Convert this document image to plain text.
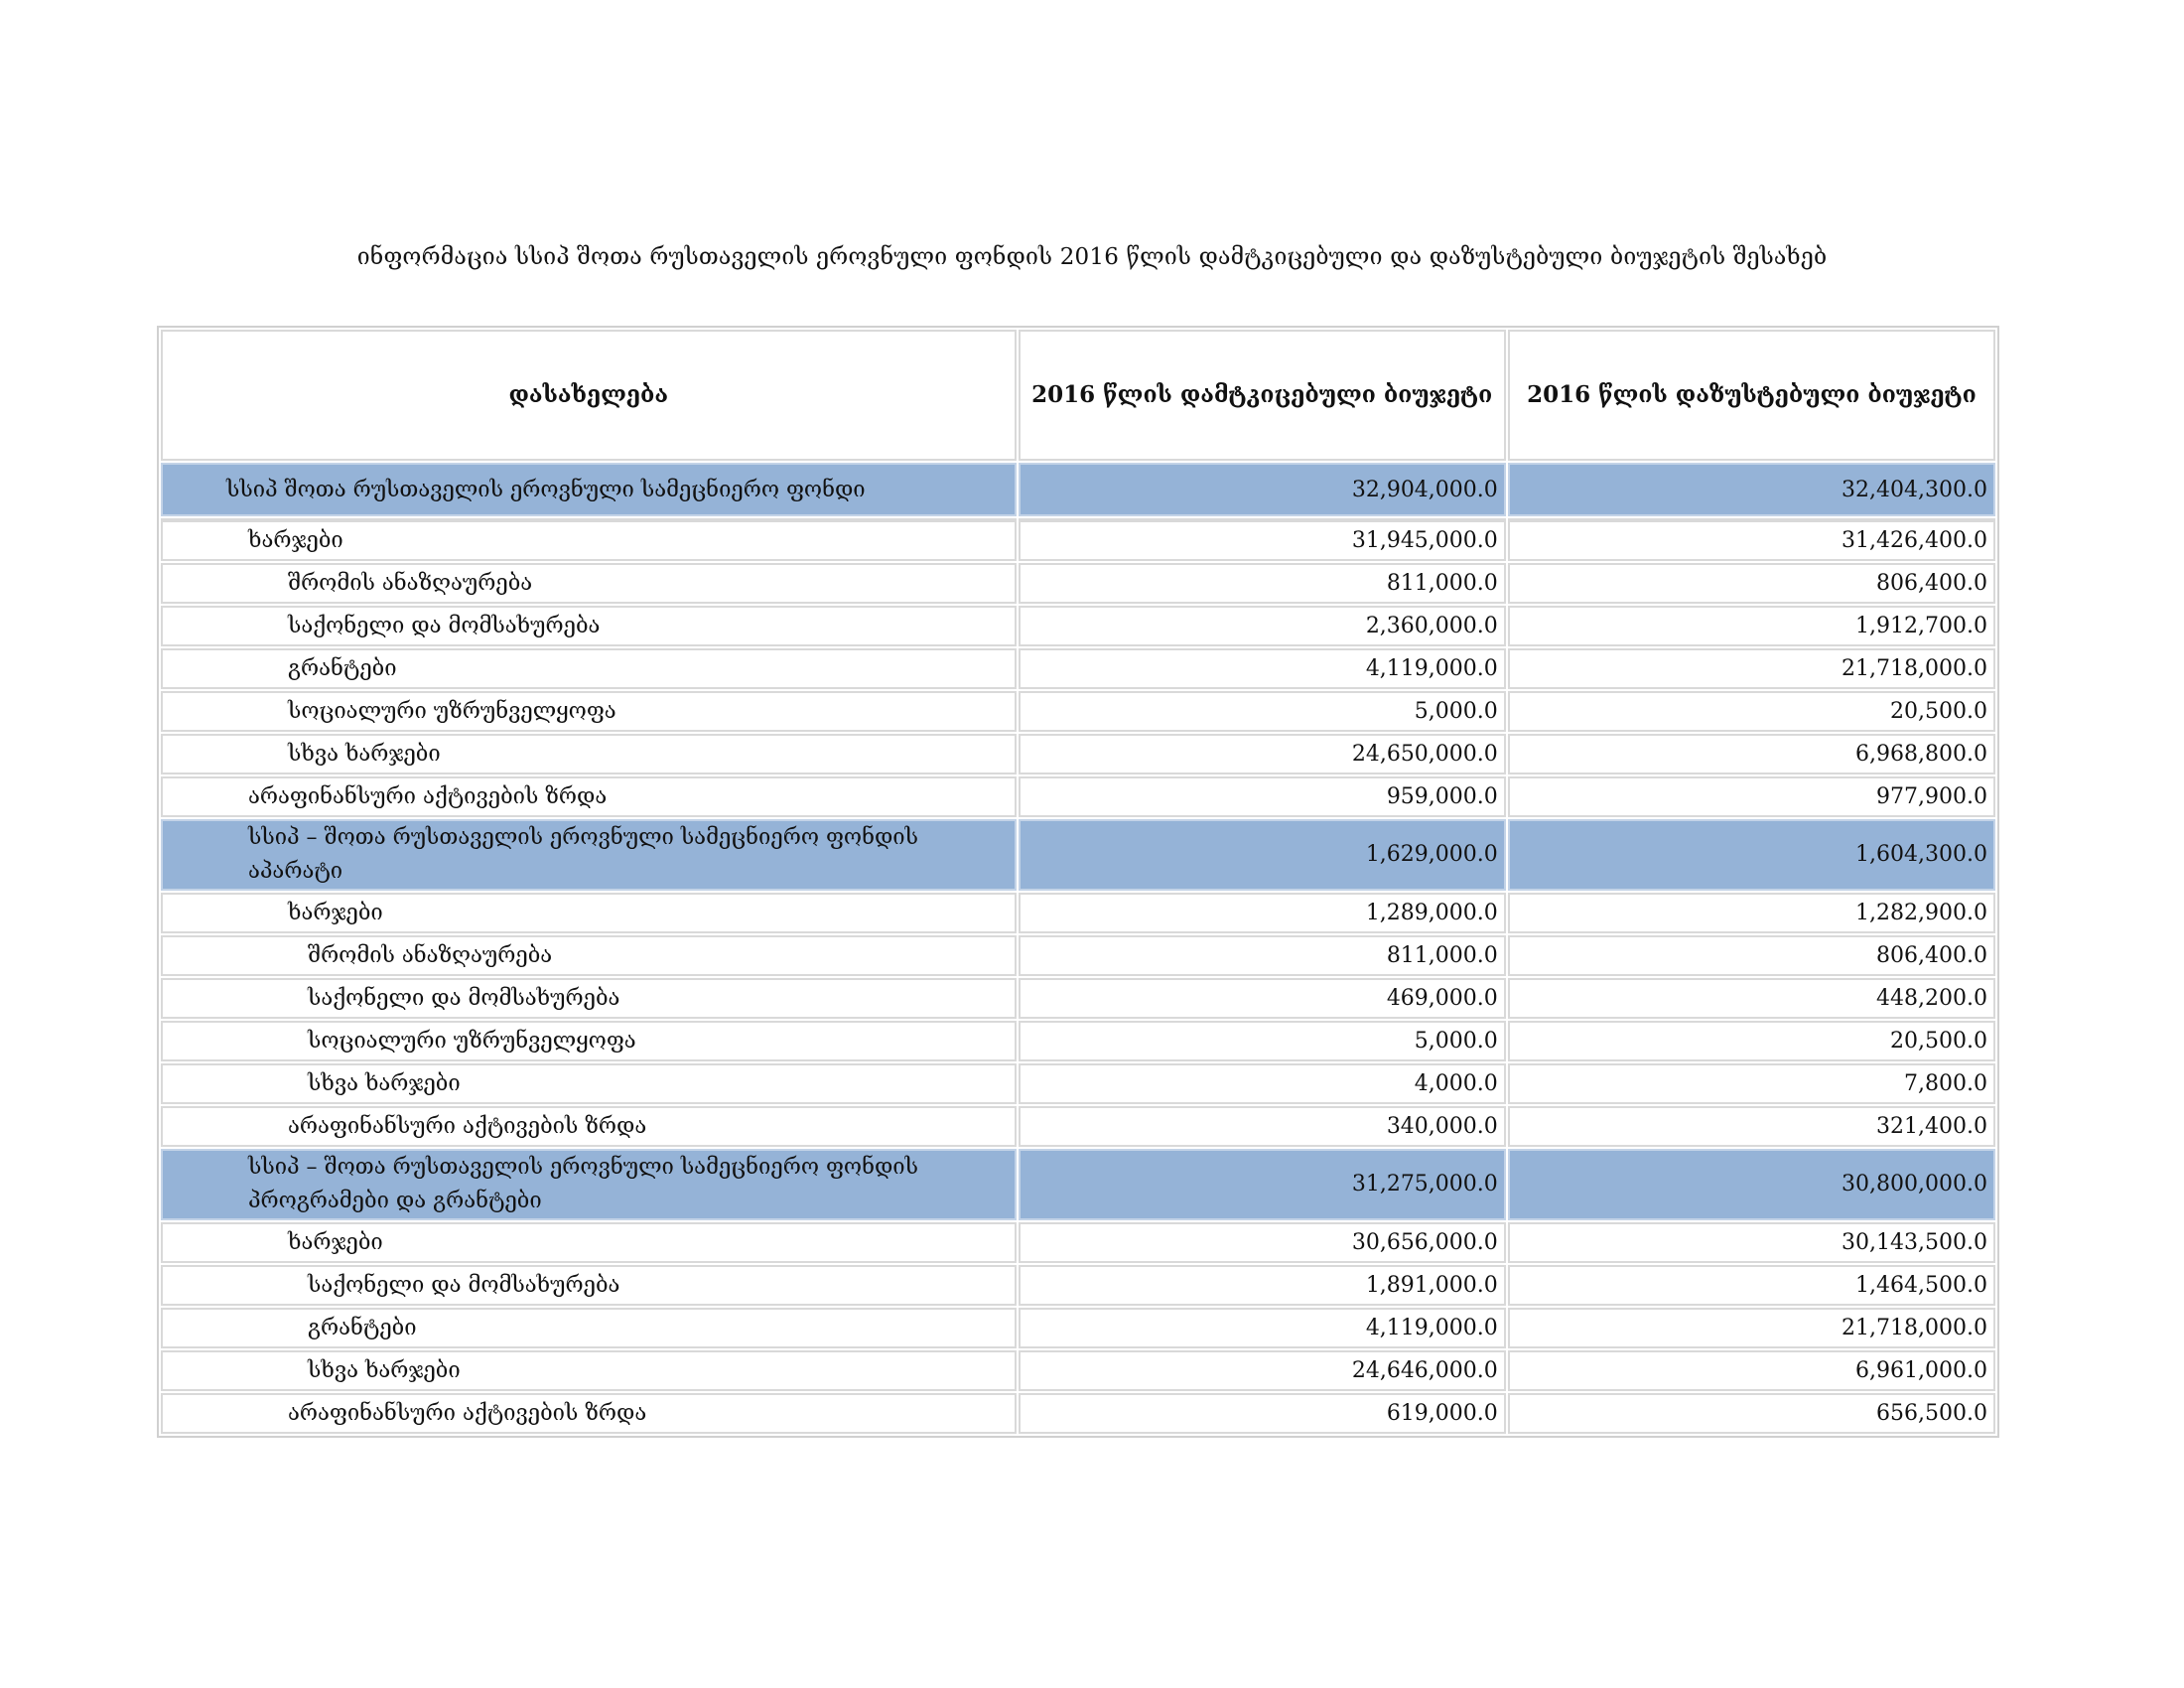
ინფორმაცია სსიპ შოთა რუსთაველის ეროვნული ფონდის 2016 წლის დამტკიცებული და დაზუსტებული ბიუჯეტის შესახებ
დასახელება	2016 წლის დამტკიცებული ბიუჯეტი	2016 წლის დაზუსტებული ბიუჯეტი
სსიპ შოთა რუსთაველის ეროვნული სამეცნიერო ფონდი	32,904,000.0	32,404,300.0
ხარჯები	31,945,000.0	31,426,400.0
შრომის ანაზღაურება	811,000.0	806,400.0
საქონელი და მომსახურება	2,360,000.0	1,912,700.0
გრანტები	4,119,000.0	21,718,000.0
სოციალური უზრუნველყოფა	5,000.0	20,500.0
სხვა ხარჯები	24,650,000.0	6,968,800.0
არაფინანსური აქტივების ზრდა	959,000.0	977,900.0
სსიპ – შოთა რუსთაველის ეროვნული სამეცნიერო ფონდის აპარატი	1,629,000.0	1,604,300.0
ხარჯები	1,289,000.0	1,282,900.0
შრომის ანაზღაურება	811,000.0	806,400.0
საქონელი და მომსახურება	469,000.0	448,200.0
სოციალური უზრუნველყოფა	5,000.0	20,500.0
სხვა ხარჯები	4,000.0	7,800.0
არაფინანსური აქტივების ზრდა	340,000.0	321,400.0
სსიპ – შოთა რუსთაველის ეროვნული სამეცნიერო ფონდის პროგრამები და გრანტები	31,275,000.0	30,800,000.0
ხარჯები	30,656,000.0	30,143,500.0
საქონელი და მომსახურება	1,891,000.0	1,464,500.0
გრანტები	4,119,000.0	21,718,000.0
სხვა ხარჯები	24,646,000.0	6,961,000.0
არაფინანსური აქტივების ზრდა	619,000.0	656,500.0
